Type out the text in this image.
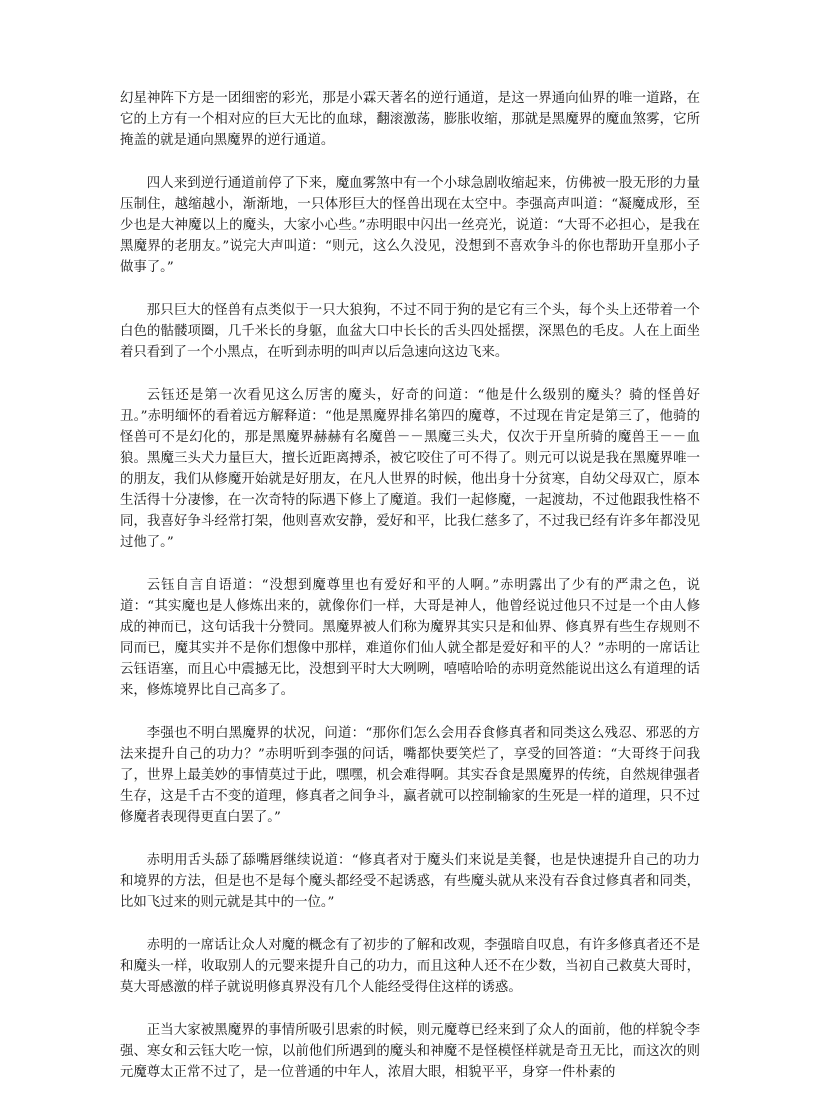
幻星神阵下方是一团细密的彩光，那是小霖天著名的逆行通道，是这一界通向仙界的唯一道路，在它的上方有一个相对应的巨大无比的血球，翻滚激荡，膨胀收缩，那就是黑魔界的魔血煞雾，它所掩盖的就是通向黑魔界的逆行通道。

四人来到逆行通道前停了下来，魔血雾煞中有一个小球急剧收缩起来，仿佛被一股无形的力量压制住，越缩越小，渐渐地，一只体形巨大的怪兽出现在太空中。李强高声叫道：“凝魔成形，至少也是大神魔以上的魔头，大家小心些。”赤明眼中闪出一丝亮光，说道：“大哥不必担心，是我在黑魔界的老朋友。”说完大声叫道：“则元，这么久没见，没想到不喜欢争斗的你也帮助开皇那小子做事了。”

那只巨大的怪兽有点类似于一只大狼狗，不过不同于狗的是它有三个头，每个头上还带着一个白色的骷髅项圈，几千米长的身躯，血盆大口中长长的舌头四处摇摆，深黑色的毛皮。人在上面坐着只看到了一个小黑点，在听到赤明的叫声以后急速向这边飞来。

云钰还是第一次看见这么厉害的魔头，好奇的问道：“他是什么级别的魔头？骑的怪兽好丑。”赤明缅怀的看着远方解释道：“他是黑魔界排名第四的魔尊，不过现在肯定是第三了，他骑的怪兽可不是幻化的，那是黑魔界赫赫有名魔兽－－黑魔三头犬，仅次于开皇所骑的魔兽王－－血狼。黑魔三头犬力量巨大，擅长近距离搏杀，被它咬住了可不得了。则元可以说是我在黑魔界唯一的朋友，我们从修魔开始就是好朋友，在凡人世界的时候，他出身十分贫寒，自幼父母双亡，原本生活得十分凄惨，在一次奇特的际遇下修上了魔道。我们一起修魔，一起渡劫，不过他跟我性格不同，我喜好争斗经常打架，他则喜欢安静，爱好和平，比我仁慈多了，不过我已经有许多年都没见过他了。”

云钰自言自语道：“没想到魔尊里也有爱好和平的人啊。”赤明露出了少有的严肃之色，说道：“其实魔也是人修炼出来的，就像你们一样，大哥是神人，他曾经说过他只不过是一个由人修成的神而已，这句话我十分赞同。黑魔界被人们称为魔界其实只是和仙界、修真界有些生存规则不同而已，魔其实并不是你们想像中那样，难道你们仙人就全都是爱好和平的人？”赤明的一席话让云钰语塞，而且心中震撼无比，没想到平时大大咧咧，嘻嘻哈哈的赤明竟然能说出这么有道理的话来，修炼境界比自己高多了。

李强也不明白黑魔界的状况，问道：“那你们怎么会用吞食修真者和同类这么残忍、邪恶的方法来提升自己的功力？”赤明听到李强的问话，嘴都快要笑烂了，享受的回答道：“大哥终于问我了，世界上最美妙的事情莫过于此，嘿嘿，机会难得啊。其实吞食是黑魔界的传统，自然规律强者生存，这是千古不变的道理，修真者之间争斗，赢者就可以控制输家的生死是一样的道理，只不过修魔者表现得更直白罢了。”

赤明用舌头舔了舔嘴唇继续说道：“修真者对于魔头们来说是美餐，也是快速提升自己的功力和境界的方法，但是也不是每个魔头都经受不起诱惑，有些魔头就从来没有吞食过修真者和同类，比如飞过来的则元就是其中的一位。”

赤明的一席话让众人对魔的概念有了初步的了解和改观，李强暗自叹息，有许多修真者还不是和魔头一样，收取别人的元婴来提升自己的功力，而且这种人还不在少数，当初自己救莫大哥时，莫大哥感激的样子就说明修真界没有几个人能经受得住这样的诱惑。

正当大家被黑魔界的事情所吸引思索的时候，则元魔尊已经来到了众人的面前，他的样貌令李强、寒女和云钰大吃一惊，以前他们所遇到的魔头和神魔不是怪模怪样就是奇丑无比，而这次的则元魔尊太正常不过了，是一位普通的中年人，浓眉大眼，相貌平平，身穿一件朴素的
